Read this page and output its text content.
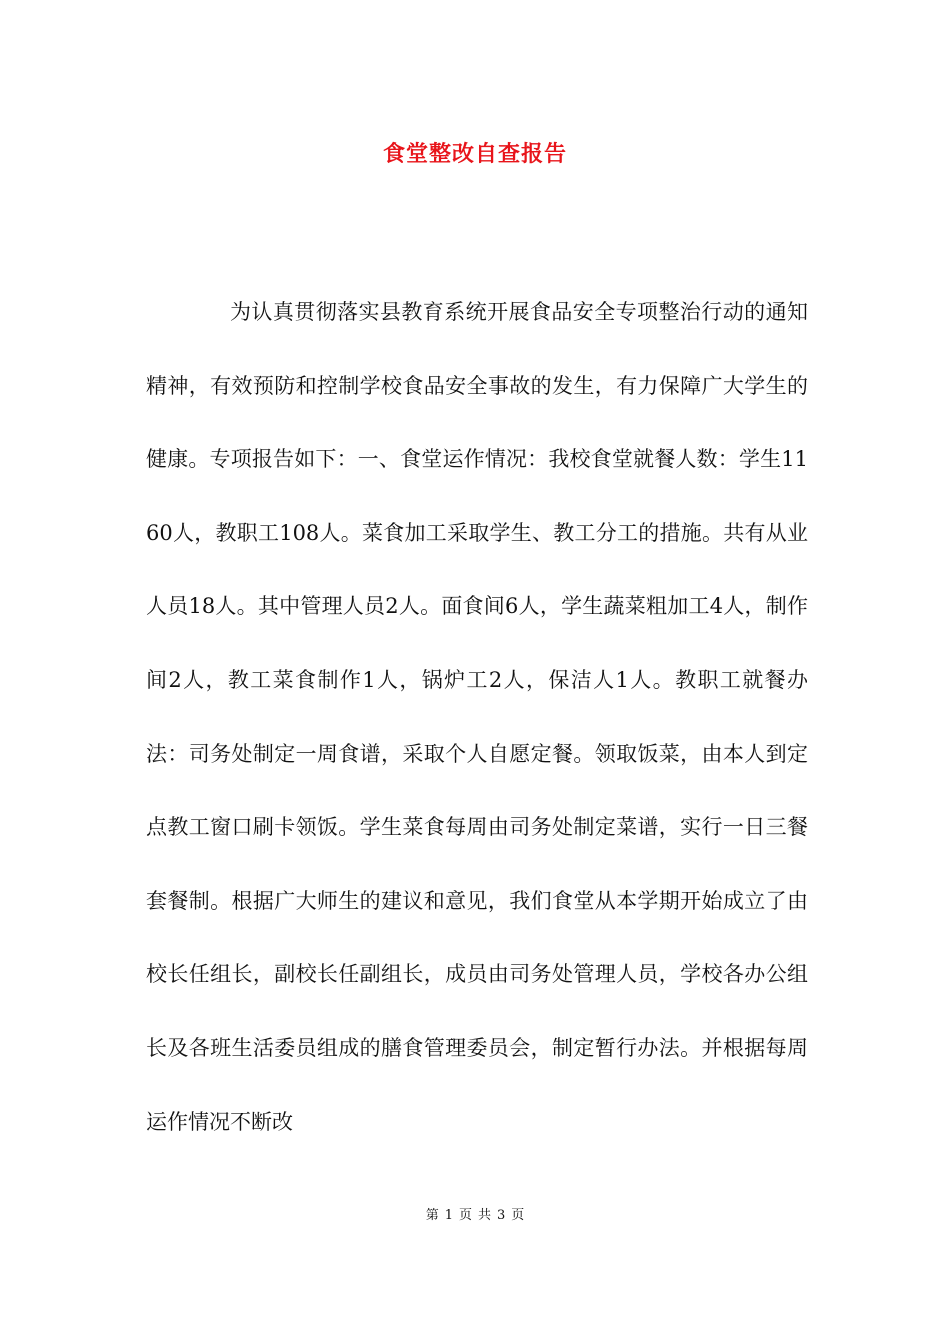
食堂整改自查报告

为认真贯彻落实县教育系统开展食品安全专项整治行动的通知精神，有效预防和控制学校食品安全事故的发生，有力保障广大学生的健康。专项报告如下：一、食堂运作情况：我校食堂就餐人数：学生1160人，教职工108人。菜食加工采取学生、教工分工的措施。共有从业人员18人。其中管理人员2人。面食间6人，学生蔬菜粗加工4人，制作间2人，教工菜食制作1人，锅炉工2人，保洁人1人。教职工就餐办法：司务处制定一周食谱，采取个人自愿定餐。领取饭菜，由本人到定点教工窗口刷卡领饭。学生菜食每周由司务处制定菜谱，实行一日三餐套餐制。根据广大师生的建议和意见，我们食堂从本学期开始成立了由校长任组长，副校长任副组长，成员由司务处管理人员，学校各办公组长及各班生活委员组成的膳食管理委员会，制定暂行办法。并根据每周运作情况不断改

第 1 页 共 3 页
